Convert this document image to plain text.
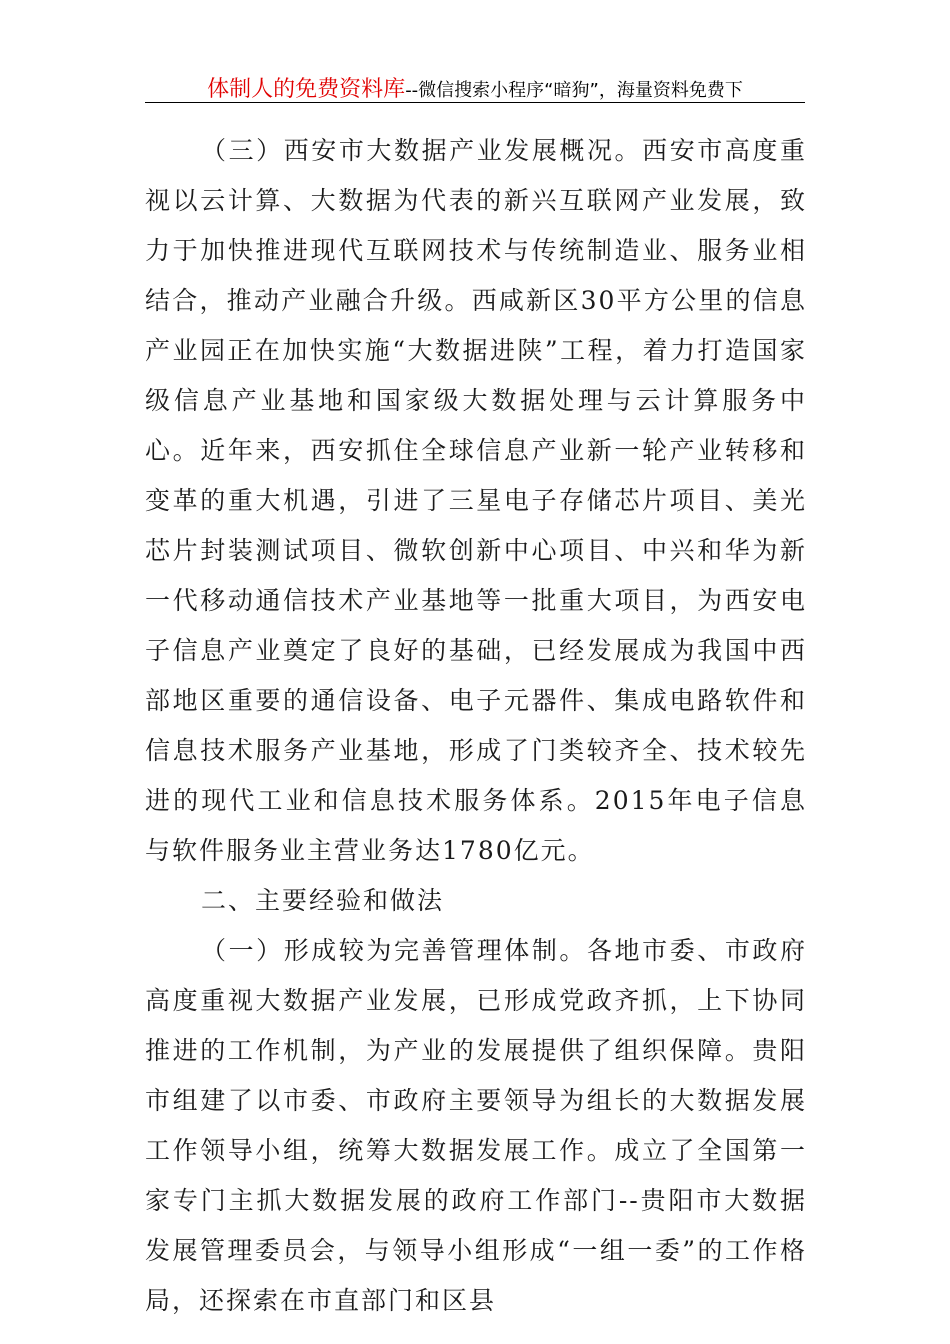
体制人的免费资料库 --微信搜索小程序“暗狗”，海量资料免费下

（三）西安市大数据产业发展概况。西安市高度重视以云计算、大数据为代表的新兴互联网产业发展，致力于加快推进现代互联网技术与传统制造业、服务业相结合，推动产业融合升级。西咸新区30平方公里的信息产业园正在加快实施“大数据进陕”工程，着力打造国家级信息产业基地和国家级大数据处理与云计算服务中心。近年来，西安抓住全球信息产业新一轮产业转移和变革的重大机遇，引进了三星电子存储芯片项目、美光芯片封装测试项目、微软创新中心项目、中兴和华为新一代移动通信技术产业基地等一批重大项目，为西安电子信息产业奠定了良好的基础，已经发展成为我国中西部地区重要的通信设备、电子元器件、集成电路软件和信息技术服务产业基地，形成了门类较齐全、技术较先进的现代工业和信息技术服务体系。2015年电子信息与软件服务业主营业务达1780亿元。

二、主要经验和做法

（一）形成较为完善管理体制。各地市委、市政府高度重视大数据产业发展，已形成党政齐抓，上下协同推进的工作机制，为产业的发展提供了组织保障。贵阳市组建了以市委、市政府主要领导为组长的大数据发展工作领导小组，统筹大数据发展工作。成立了全国第一家专门主抓大数据发展的政府工作部门--贵阳市大数据发展管理委员会，与领导小组形成“一组一委”的工作格局，还探索在市直部门和区县
